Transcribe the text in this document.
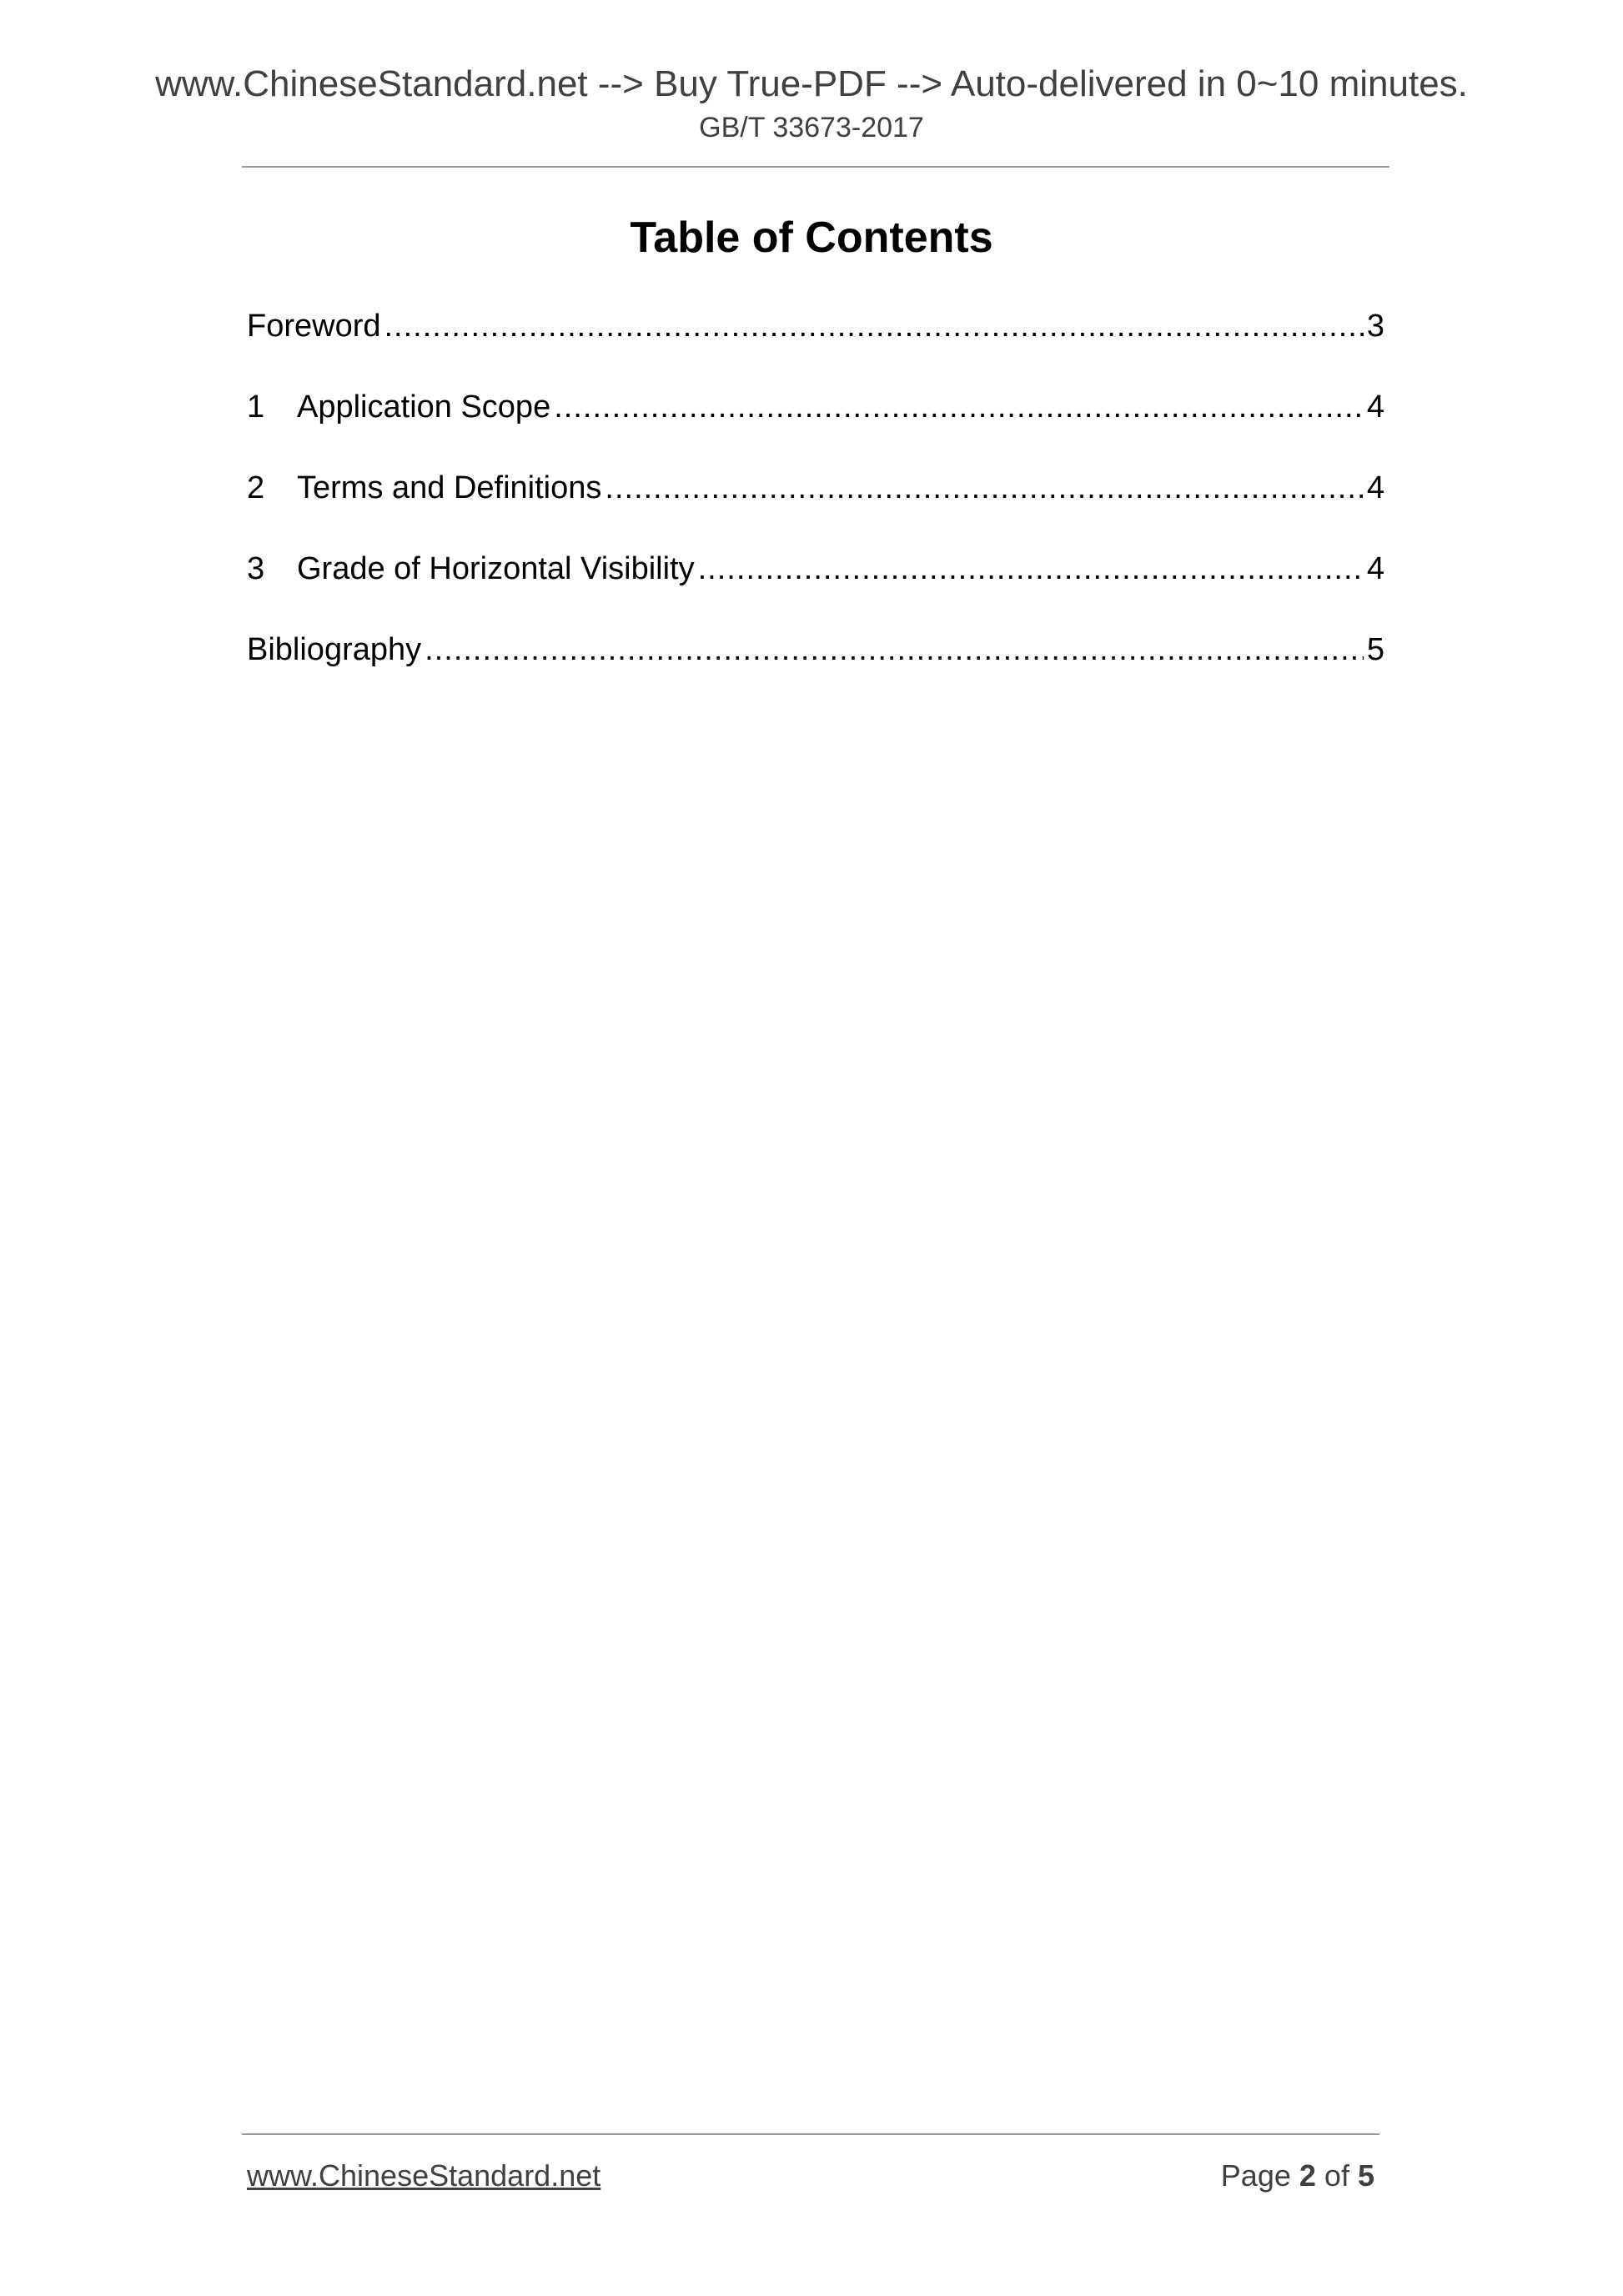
www.ChineseStandard.net --> Buy True-PDF --> Auto-delivered in 0~10 minutes.
GB/T 33673-2017
Table of Contents
Foreword .....	3
1	Application Scope .....	4
2	Terms and Definitions .....	4
3	Grade of Horizontal Visibility .....	4
Bibliography .....	5
www.ChineseStandard.net	Page 2 of 5
